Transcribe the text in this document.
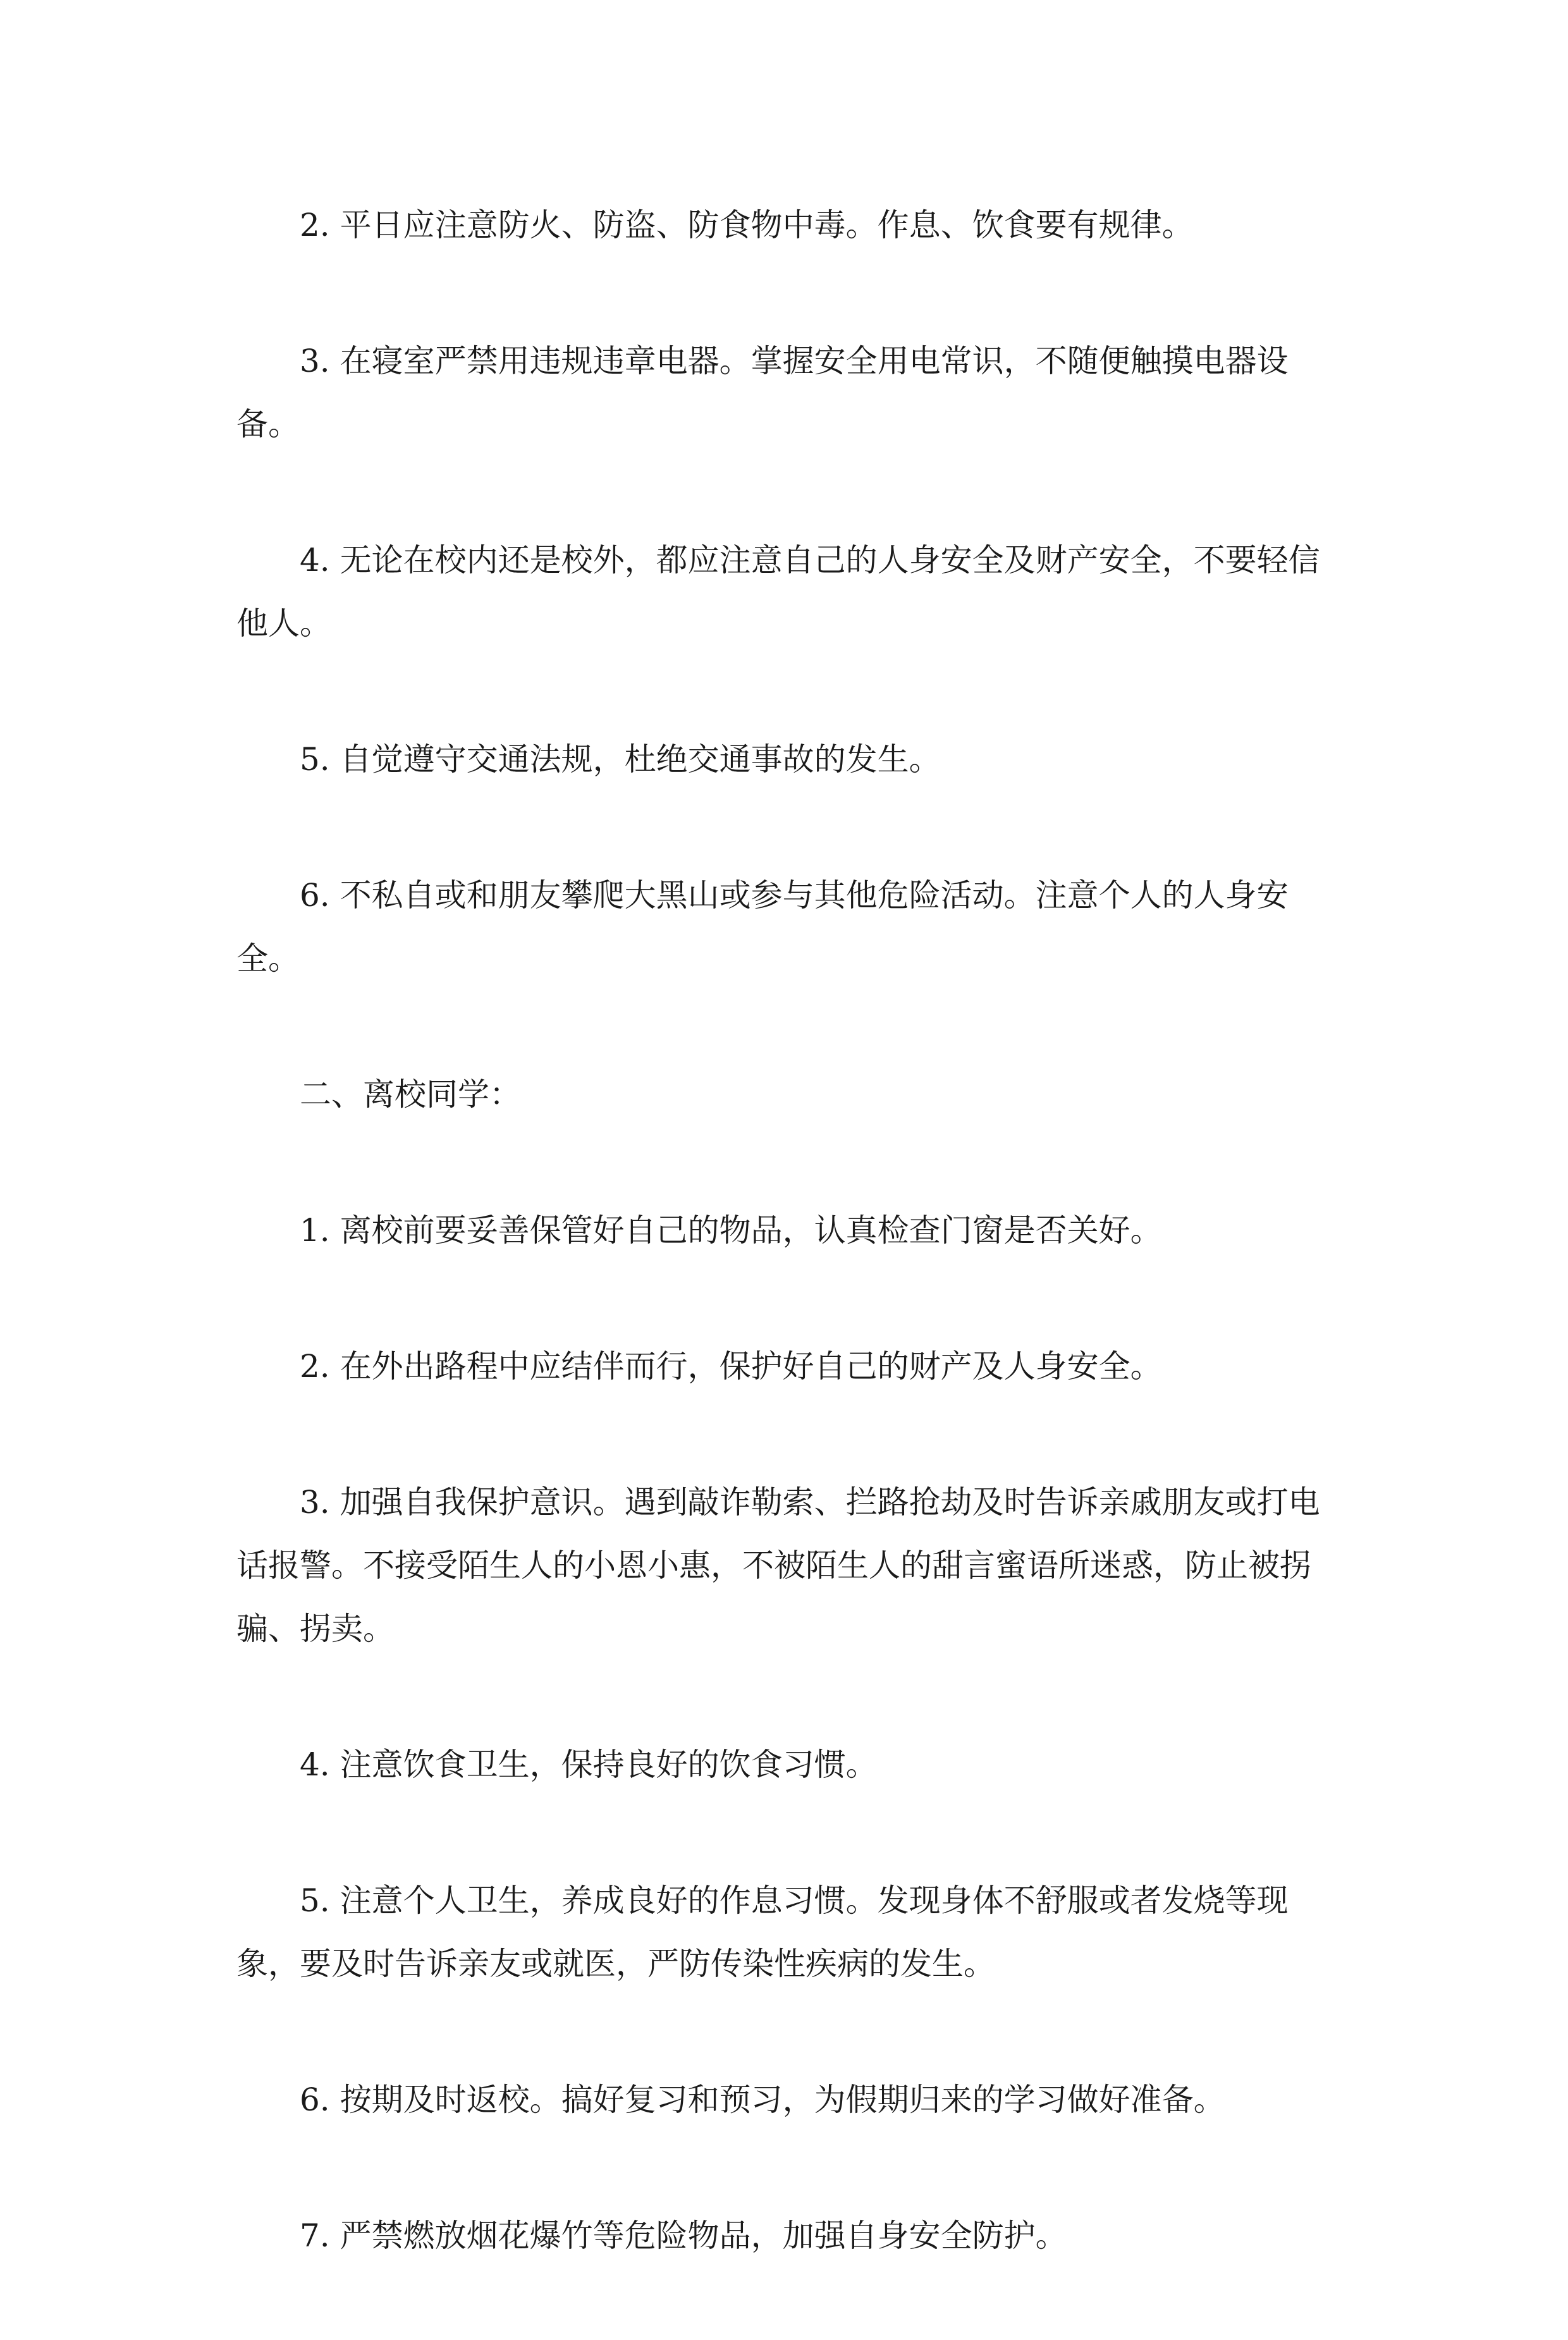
2. 平日应注意防火、防盗、防食物中毒。作息、饮食要有规律。

3. 在寝室严禁用违规违章电器。掌握安全用电常识，不随便触摸电器设备。

4. 无论在校内还是校外，都应注意自己的人身安全及财产安全，不要轻信他人。

5. 自觉遵守交通法规，杜绝交通事故的发生。

6. 不私自或和朋友攀爬大黑山或参与其他危险活动。注意个人的人身安全。

二、离校同学：

1. 离校前要妥善保管好自己的物品，认真检查门窗是否关好。

2. 在外出路程中应结伴而行，保护好自己的财产及人身安全。

3. 加强自我保护意识。遇到敲诈勒索、拦路抢劫及时告诉亲戚朋友或打电话报警。不接受陌生人的小恩小惠，不被陌生人的甜言蜜语所迷惑，防止被拐骗、拐卖。

4. 注意饮食卫生，保持良好的饮食习惯。

5. 注意个人卫生，养成良好的作息习惯。发现身体不舒服或者发烧等现象，要及时告诉亲友或就医，严防传染性疾病的发生。

6. 按期及时返校。搞好复习和预习，为假期归来的学习做好准备。

7. 严禁燃放烟花爆竹等危险物品，加强自身安全防护。
